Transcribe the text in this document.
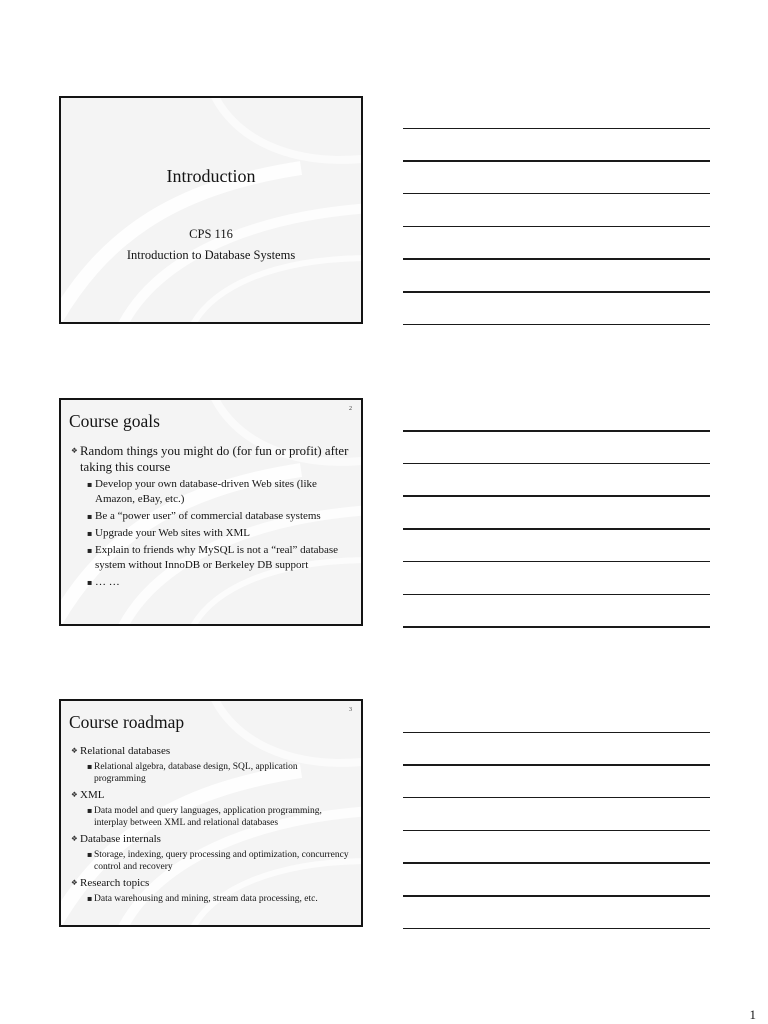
Introduction
CPS 116
Introduction to Database Systems
2
Course goals
❖
Random things you might do (for fun or profit) after taking this course
▪
Develop your own database-driven Web sites (like Amazon, eBay, etc.)
▪
Be a “power user” of commercial database systems
▪
Upgrade your Web sites with XML
▪
Explain to friends why MySQL is not a “real” database system without InnoDB or Berkeley DB support
▪
… …
3
Course roadmap
❖
Relational databases
▪
Relational algebra, database design, SQL, application programming
❖
XML
▪
Data model and query languages, application programming, interplay between XML and relational databases
❖
Database internals
▪
Storage, indexing, query processing and optimization, concurrency control and recovery
❖
Research topics
▪
Data warehousing and mining, stream data processing, etc.
1
